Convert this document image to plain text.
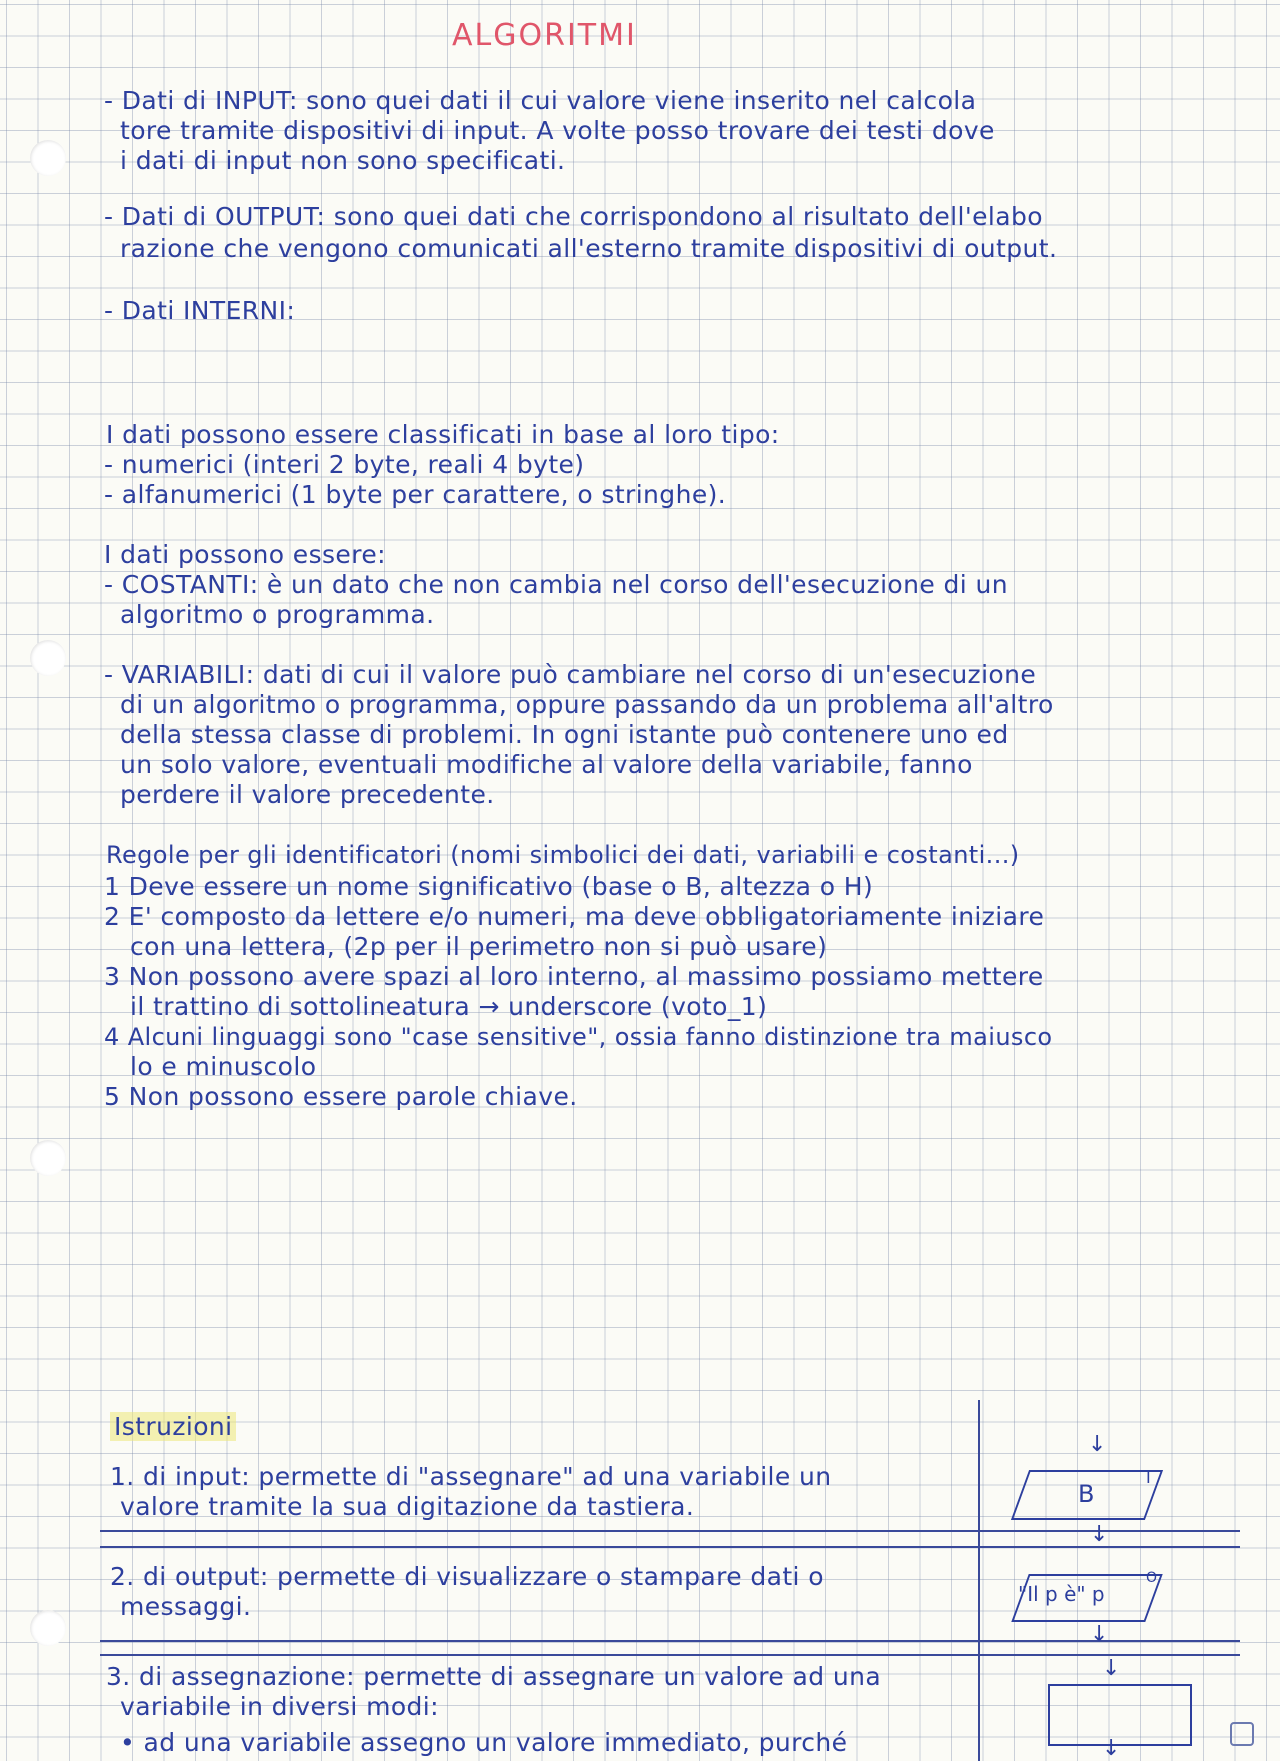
ALGORITMI
- Dati di INPUT: sono quei dati il cui valore viene inserito nel calcola
tore tramite dispositivi di input. A volte posso trovare dei testi dove
i dati di input non sono specificati.
- Dati di OUTPUT: sono quei dati che corrispondono al risultato dell'elabo
razione che vengono comunicati all'esterno tramite dispositivi di output.
- Dati INTERNI:
I dati possono essere classificati in base al loro tipo:
- numerici (interi 2 byte, reali 4 byte)
- alfanumerici (1 byte per carattere, o stringhe).
I dati possono essere:
- COSTANTI: è un dato che non cambia nel corso dell'esecuzione di un
algoritmo o programma.
- VARIABILI: dati di cui il valore può cambiare nel corso di un'esecuzione
di un algoritmo o programma, oppure passando da un problema all'altro
della stessa classe di problemi. In ogni istante può contenere uno ed
un solo valore, eventuali modifiche al valore della variabile, fanno
perdere il valore precedente.
Regole per gli identificatori (nomi simbolici dei dati, variabili e costanti...)
1 Deve essere un nome significativo (base o B, altezza o H)
2 E' composto da lettere e/o numeri, ma deve obbligatoriamente iniziare
con una lettera, (2p per il perimetro non si può usare)
3 Non possono avere spazi al loro interno, al massimo possiamo mettere
il trattino di sottolineatura → underscore (voto_1)
4 Alcuni linguaggi sono "case sensitive", ossia fanno distinzione tra maiusco
lo e minuscolo
5 Non possono essere parole chiave.
Istruzioni
1. di input: permette di "assegnare" ad una variabile un
valore tramite la sua digitazione da tastiera.
2. di output: permette di visualizzare o stampare dati o
messaggi.
3. di assegnazione: permette di assegnare un valore ad una
variabile in diversi modi:
• ad una variabile assegno un valore immediato, purché
↓
B
I
↓
"Il p è" p
O
↓
↓
↓
